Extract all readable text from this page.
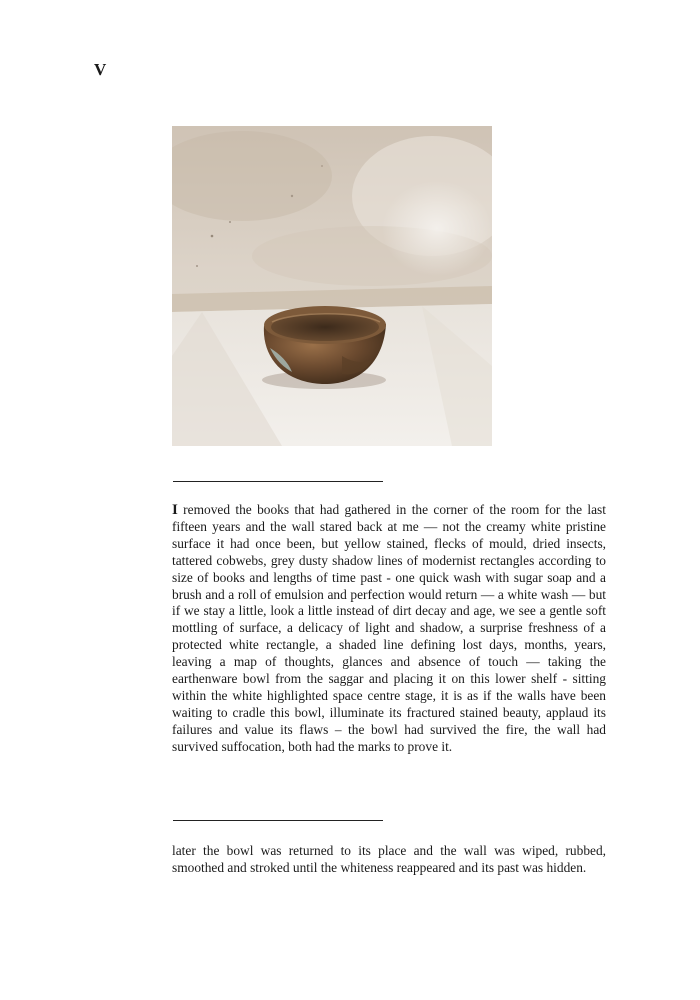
V

I removed the books that had gathered in the corner of the room for the last fifteen years and the wall stared back at me — not the creamy white pristine surface it had once been, but yellow stained, flecks of mould, dried insects, tattered cobwebs, grey dusty shadow lines of modernist rectangles according to size of books and lengths of time past - one quick wash with sugar soap and a brush and a roll of emulsion and perfection would return — a white wash — but if we stay a little, look a little instead of dirt decay and age, we see a gentle soft mottling of surface, a delicacy of light and shadow, a surprise freshness of a protected white rectangle, a shaded line defining lost days, months, years, leaving a map of thoughts, glances and absence of touch — taking the earthenware bowl from the saggar and placing it on this lower shelf - sitting within the white highlighted space centre stage, it is as if the walls have been waiting to cradle this bowl, illuminate its fractured stained beauty, applaud its failures and value its flaws – the bowl had survived the fire, the wall had survived suffocation, both had the marks to prove it.

later the bowl was returned to its place and the wall was wiped, rubbed, smoothed and stroked until the whiteness reappeared and its past was hidden.
